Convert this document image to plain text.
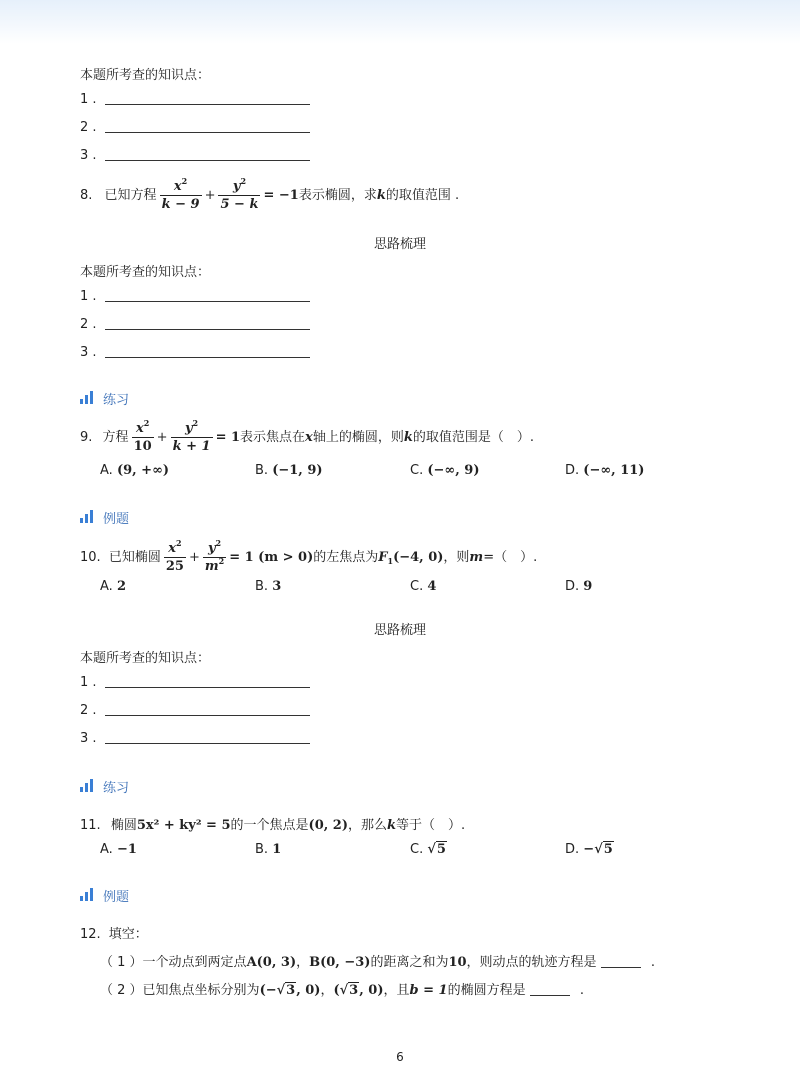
本题所考查的知识点：
1 .
2 .
3 .
8. 已知方程 $\frac{x^2}{k - 9} + \frac{y^2}{5 - k} = -1$表示椭圆，求k的取值范围 .
思路梳理
本题所考查的知识点：
1 .
2 .
3 .
练习
9. 方程 $\frac{x^2}{10} + \frac{y^2}{k + 1} = 1$表示焦点在x轴上的椭圆，则k的取值范围是（　）.
A. (9, +∞)	B. (−1, 9)	C. (−∞, 9)	D. (−∞, 11)
例题
10. 已知椭圆 $\frac{x^2}{25} + \frac{y^2}{m^2} = 1$ (m > 0)的左焦点为$F_1(-4$, 0)，则m=（　）.
A. 2	B. 3	C. 4	D. 9
思路梳理
本题所考查的知识点：
1 .
2 .
3 .
练习
11. 椭圆5x² + ky² = 5的一个焦点是(0, 2)，那么k等于（　）.
A. −1	B. 1	C. √5	D. −√5
例题
12. 填空：
（ 1 ）一个动点到两定点A(0, 3)，B(0, −3)的距离之和为10，则动点的轨迹方程是	.
（ 2 ）已知焦点坐标分别为(−√3, 0)，(√3, 0)，且b = 1的椭圆方程是	.
6
